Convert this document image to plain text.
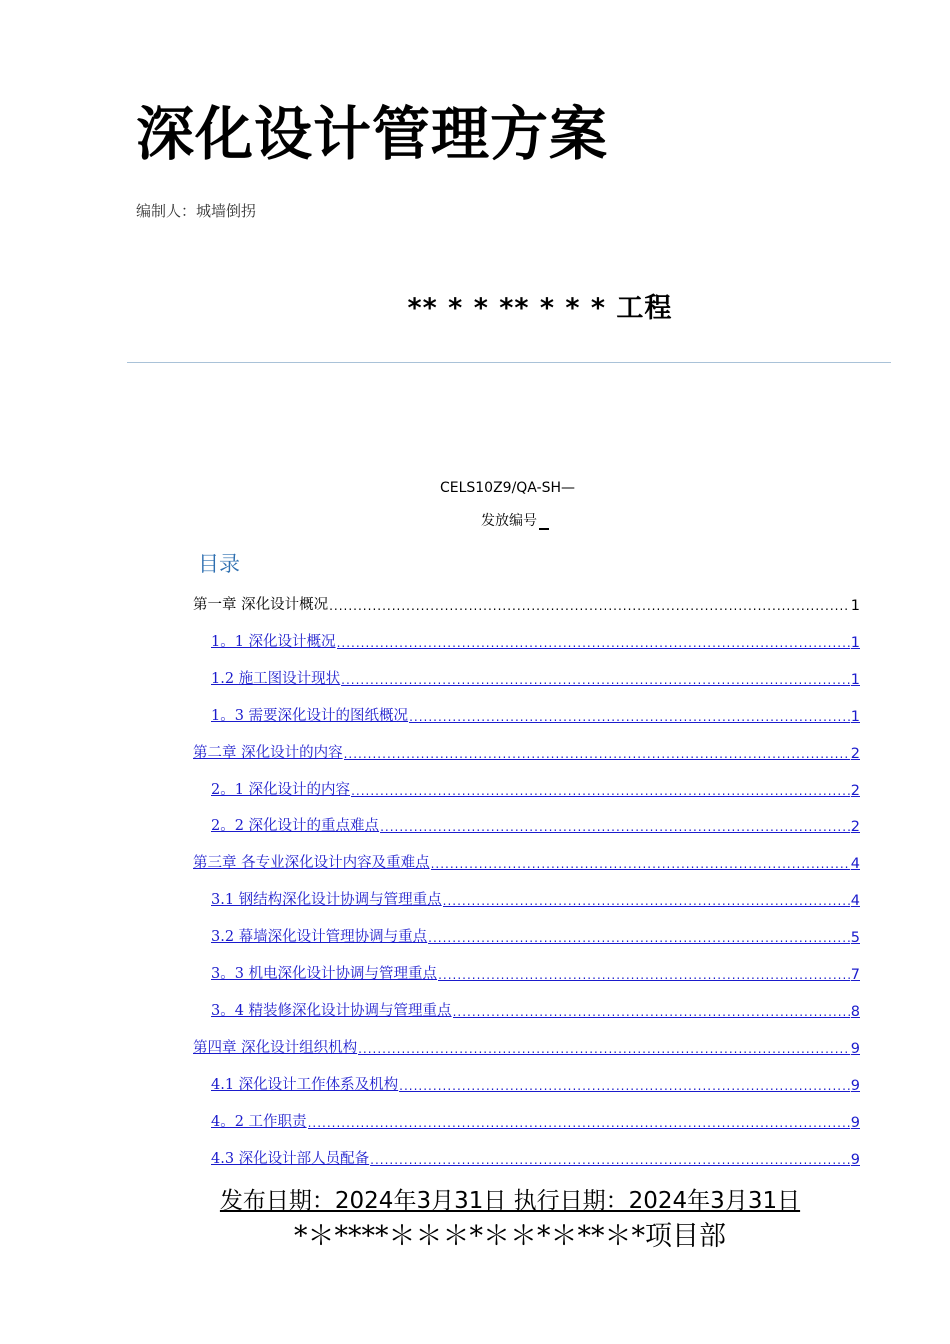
深化设计管理方案
编制人：城墙倒拐
** * * ** * * * 工程
CELS10Z9/QA-SH—
发放编号
目录
第一章 深化设计概况 .....	1
1。1 深化设计概况 .....	1
1.2 施工图设计现状 .....	1
1。3 需要深化设计的图纸概况 .....	1
第二章 深化设计的内容 .....	2
2。1 深化设计的内容 .....	2
2。2 深化设计的重点难点 .....	2
第三章 各专业深化设计内容及重难点 .....	4
3.1 钢结构深化设计协调与管理重点 .....	4
3.2 幕墙深化设计管理协调与重点 .....	5
3。3 机电深化设计协调与管理重点 .....	7
3。4 精装修深化设计协调与管理重点 .....	8
第四章 深化设计组织机构 .....	9
4.1 深化设计工作体系及机构 .....	9
4。2 工作职责 .....	9
4.3 深化设计部人员配备 .....	9
发布日期：2024年3月31日 执行日期：2024年3月31日
*＊****＊＊＊*＊＊*＊**＊*项目部
